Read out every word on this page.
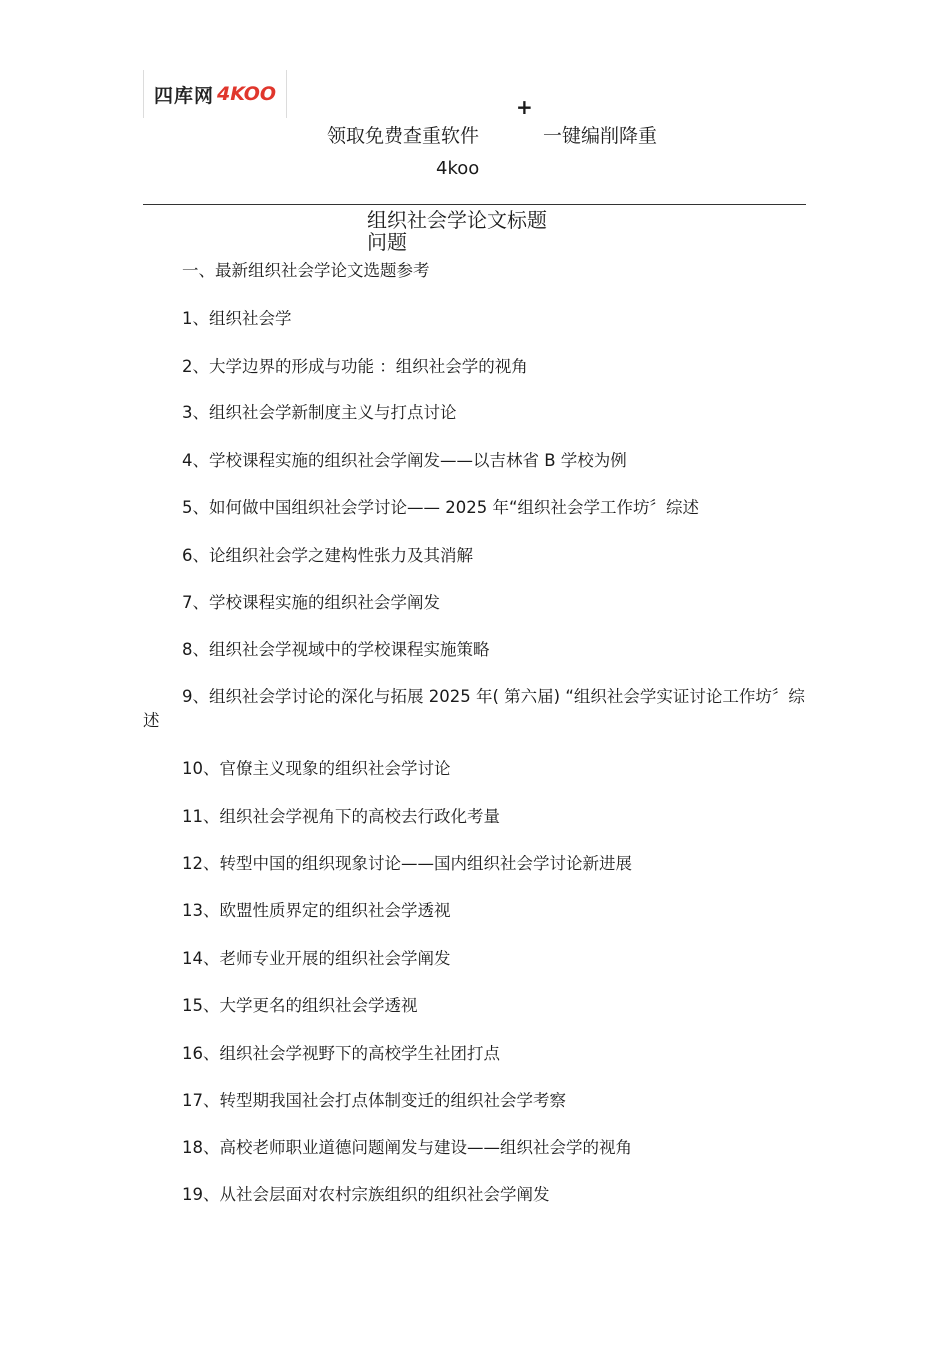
四库网 4KOO
+
领取免费查重软件	一键编削降重
4koo
组织社会学论文标题
问题
一、最新组织社会学论文选题参考
1、组织社会学
2、大学边界的形成与功能 ：组织社会学的视角
3、组织社会学新制度主义与打点讨论
4、学校课程实施的组织社会学阐发——以吉林省 B 学校为例
5、如何做中国组织社会学讨论—— 2025 年“组织社会学工作坊〞综述
6、论组织社会学之建构性张力及其消解
7、学校课程实施的组织社会学阐发
8、组织社会学视域中的学校课程实施策略
9、组织社会学讨论的深化与拓展 2025 年( 第六届) “组织社会学实证讨论工作坊〞综述
10、官僚主义现象的组织社会学讨论
11、组织社会学视角下的高校去行政化考量
12、转型中国的组织现象讨论——国内组织社会学讨论新进展
13、欧盟性质界定的组织社会学透视
14、老师专业开展的组织社会学阐发
15、大学更名的组织社会学透视
16、组织社会学视野下的高校学生社团打点
17、转型期我国社会打点体制变迁的组织社会学考察
18、高校老师职业道德问题阐发与建设——组织社会学的视角
19、从社会层面对农村宗族组织的组织社会学阐发
